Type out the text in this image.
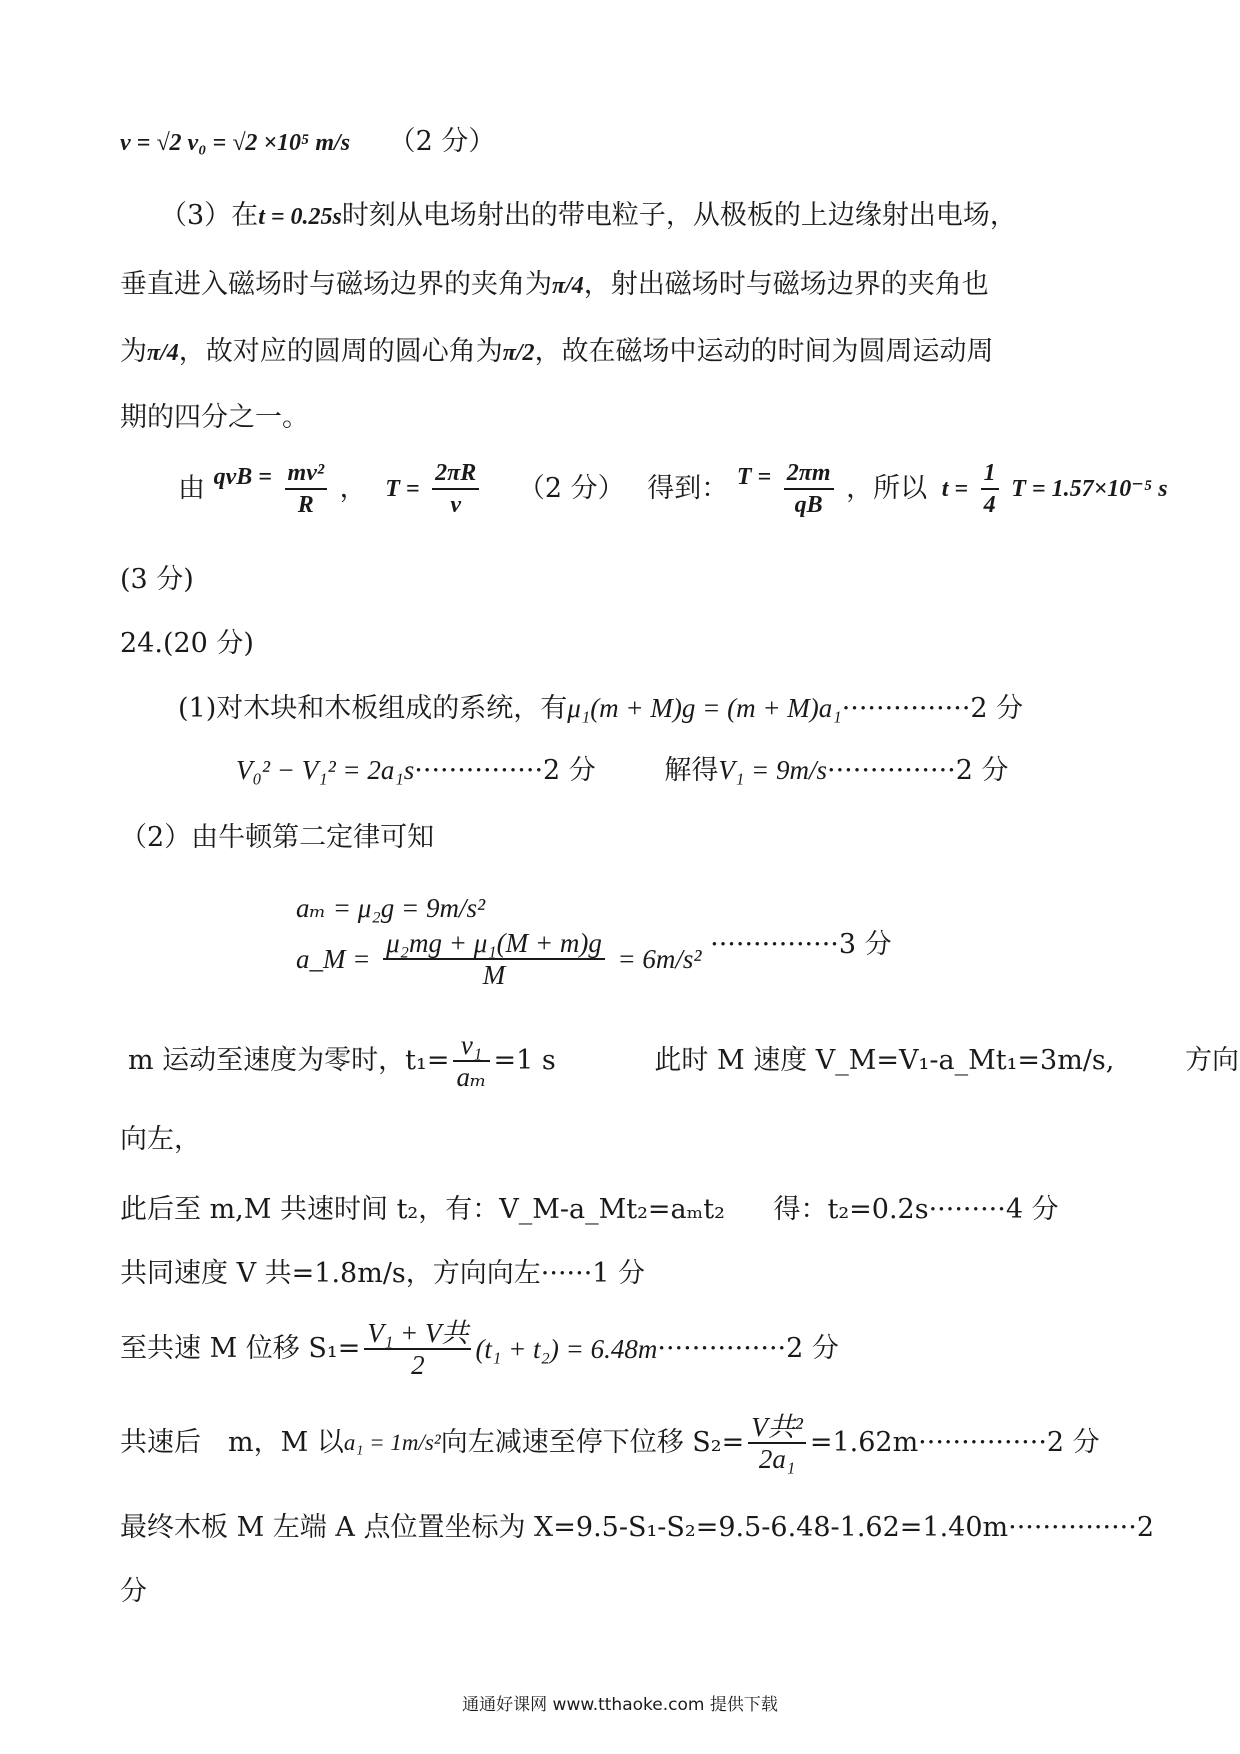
v = √2 v₀ = √2 ×10⁵ m/s （2 分）
（3）在t = 0.25s时刻从电场射出的带电粒子，从极板的上边缘射出电场，
垂直进入磁场时与磁场边界的夹角为π/4，射出磁场时与磁场边界的夹角也
为π/4，故对应的圆周的圆心角为π/2，故在磁场中运动的时间为圆周运动周
期的四分之一。
由 qvB = $\frac{\text{mv²}}{R}$ ， $T = \frac{2\pi R}{v} (2$ 分） 得到： $T = \frac{2\pi m}{qB}$ ，所以 $t = \frac{1}{4}$ T = 1.57×10⁻⁵ s
(3 分)
24.(20 分)
(1)对木块和木板组成的系统，有μ₁(m + M)g = (m + M)a₁···············2 分
V₀² − V₁² = 2a₁s···············2 分	解得V₁ = 9m/s···············2 分
（2）由牛顿第二定律可知
aₘ = μ₂g = 9m/s²
a_M = $\frac{\text{μ₂mg + μ₁(M + m)g}}{M} = 6m/s^2 \cdot\cdot\cdot\cdot\cdot\cdot\cdot\cdot\cdot\cdot\cdot\cdot\cdot\cdot\cdot 3$ 分
m 运动至速度为零时，$t_1= \frac{\text{v₁}}{\text{aₘ}} =1$ s	此时 M 速度 V_M=V₁-a_Mt₁=3m/s,	方向
向左，
此后至 m,M 共速时间 t₂，有：V_M-a_Mt₂=aₘt₂ 得：t₂=0.2s·········4 分
共同速度 V 共=1.8m/s，方向向左······1 分
至共速 M 位移 $S_1= \frac{\text{V₁ + V共}}{2} (t_1 + t_2) = 6.48m\cdot\cdot\cdot\cdot\cdot\cdot\cdot\cdot\cdot\cdot\cdot\cdot\cdot\cdot\cdot 2$ 分
共速后　m，M 以a₁ = 1m/s²向左减速至停下位移 $S_2= \frac{\text{V共²}}{\text{2a₁}} =1.62m\cdot\cdot\cdot\cdot\cdot\cdot\cdot\cdot\cdot\cdot\cdot\cdot\cdot\cdot\cdot 2$ 分
最终木板 M 左端 A 点位置坐标为 X=9.5-S₁-S₂=9.5-6.48-1.62=1.40m···············2
分
通通好课网 www.tthaoke.com 提供下载
